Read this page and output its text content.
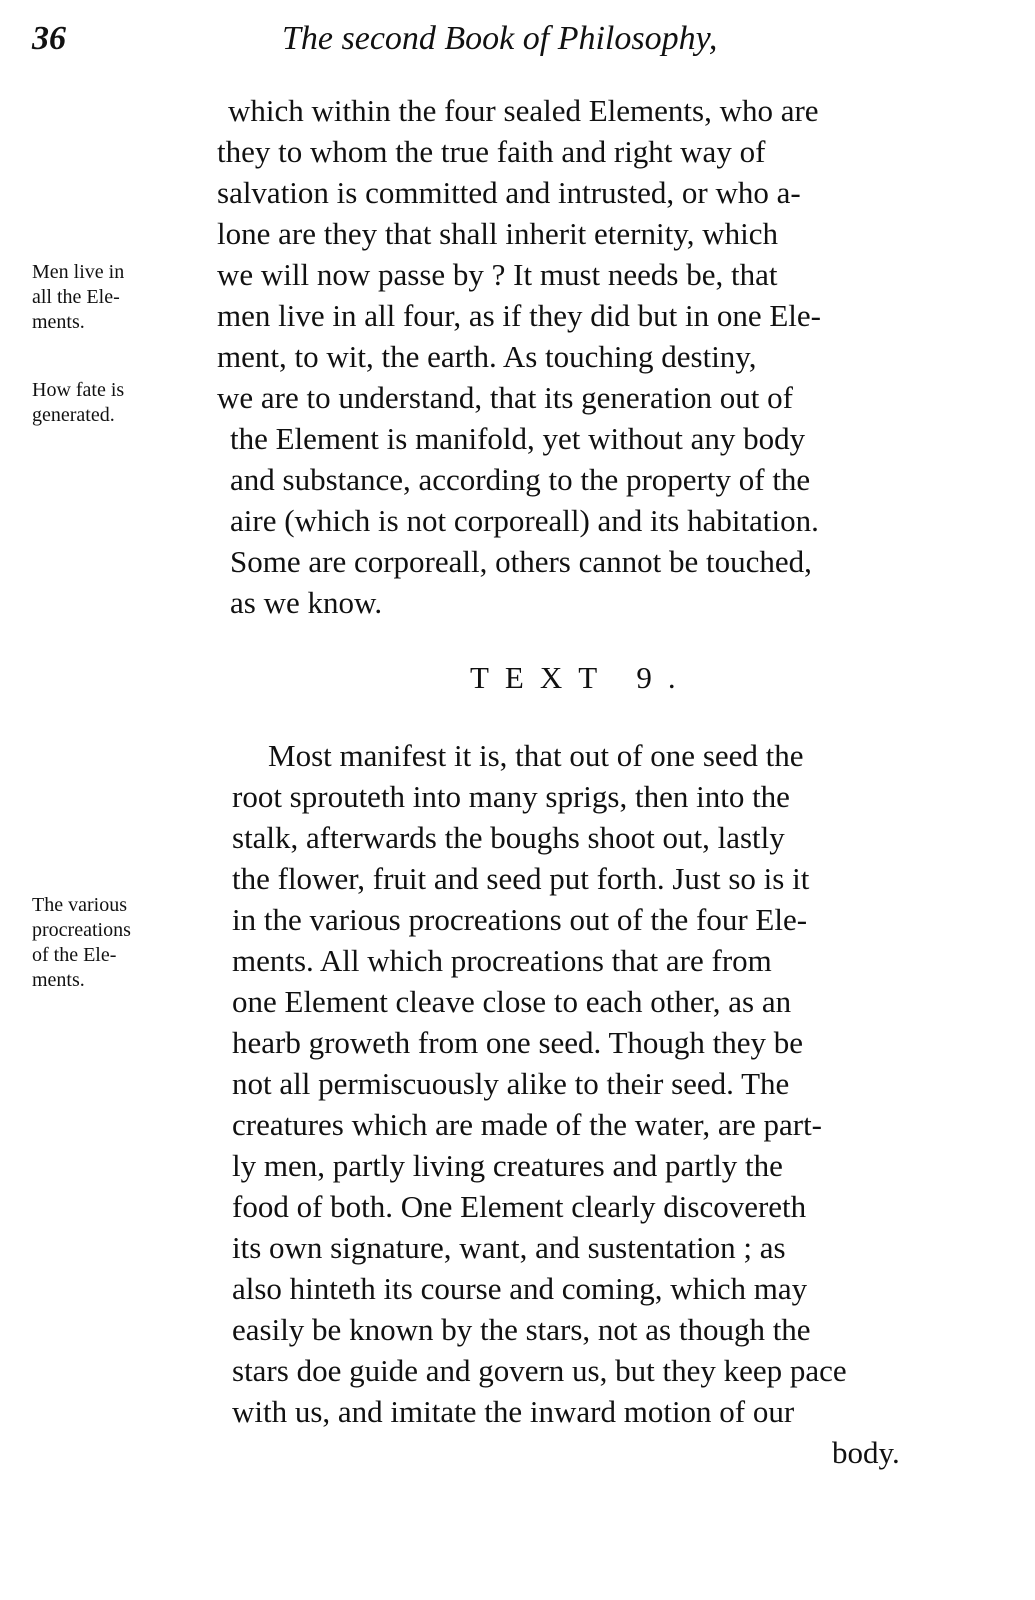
36	The second Book of Philosophy,
which within the four sealed Elements, who are
they to whom the true faith and right way of
salvation is committed and intrusted, or who a-
lone are they that shall inherit eternity, which
we will now passe by ? It must needs be, that
men live in all four, as if they did but in one Ele-
ment, to wit, the earth. As touching destiny,
we are to understand, that its generation out of
the Element is manifold, yet without any body
and substance, according to the property of the
aire (which is not corporeall) and its habitation.
Some are corporeall, others cannot be touched,
as we know.
Men live in
all the Ele-
ments.
How fate is
generated.
The various
procreations
of the Ele-
ments.
TEXT 9.
Most manifest it is, that out of one seed the
root sprouteth into many sprigs, then into the
stalk, afterwards the boughs shoot out, lastly
the flower, fruit and seed put forth. Just so is it
in the various procreations out of the four Ele-
ments. All which procreations that are from
one Element cleave close to each other, as an
hearb groweth from one seed. Though they be
not all permiscuously alike to their seed. The
creatures which are made of the water, are part-
ly men, partly living creatures and partly the
food of both. One Element clearly discovereth
its own signature, want, and sustentation ; as
also hinteth its course and coming, which may
easily be known by the stars, not as though the
stars doe guide and govern us, but they keep pace
with us, and imitate the inward motion of our
body.
